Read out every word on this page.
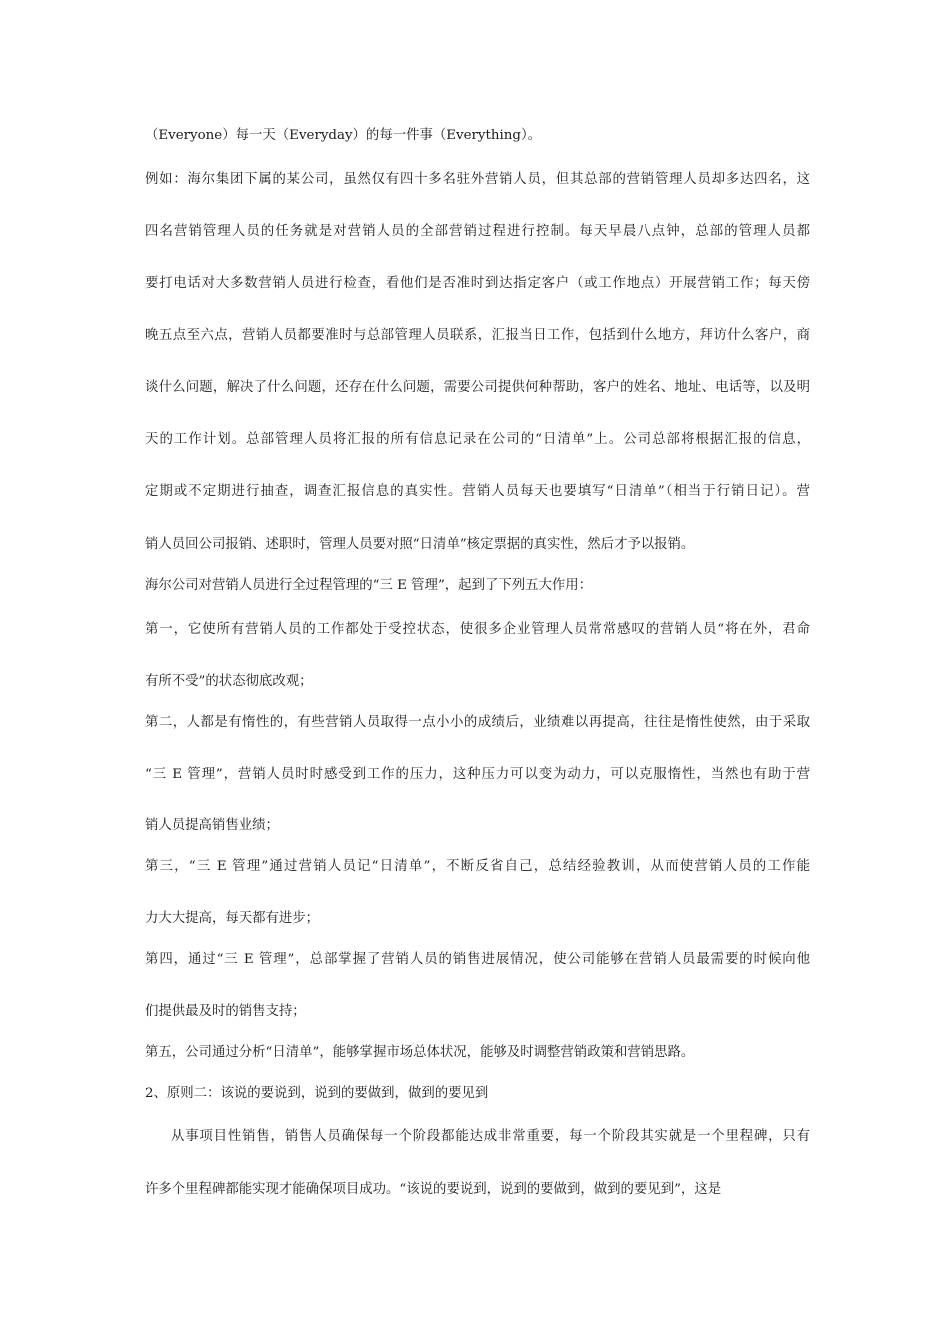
（Everyone）每一天（Everyday）的每一件事（Everything）。
例如：海尔集团下属的某公司，虽然仅有四十多名驻外营销人员，但其总部的营销管理人员却多达四名，这
四名营销管理人员的任务就是对营销人员的全部营销过程进行控制。每天早晨八点钟，总部的管理人员都
要打电话对大多数营销人员进行检查，看他们是否准时到达指定客户（或工作地点）开展营销工作；每天傍
晚五点至六点，营销人员都要准时与总部管理人员联系，汇报当日工作，包括到什么地方，拜访什么客户，商
谈什么问题，解决了什么问题，还存在什么问题，需要公司提供何种帮助，客户的姓名、地址、电话等，以及明
天的工作计划。总部管理人员将汇报的所有信息记录在公司的“日清单”上。公司总部将根据汇报的信息，
定期或不定期进行抽查，调查汇报信息的真实性。营销人员每天也要填写“日清单”（相当于行销日记）。营
销人员回公司报销、述职时，管理人员要对照“日清单”核定票据的真实性，然后才予以报销。
海尔公司对营销人员进行全过程管理的“三 E 管理”，起到了下列五大作用：
第一，它使所有营销人员的工作都处于受控状态，使很多企业管理人员常常感叹的营销人员“将在外，君命
有所不受”的状态彻底改观；
第二，人都是有惰性的，有些营销人员取得一点小小的成绩后，业绩难以再提高，往往是惰性使然，由于采取
“三 E 管理”，营销人员时时感受到工作的压力，这种压力可以变为动力，可以克服惰性，当然也有助于营
销人员提高销售业绩；
第三，“三 E 管理”通过营销人员记“日清单”，不断反省自己，总结经验教训，从而使营销人员的工作能
力大大提高，每天都有进步；
第四，通过“三 E 管理”，总部掌握了营销人员的销售进展情况，使公司能够在营销人员最需要的时候向他
们提供最及时的销售支持；
第五，公司通过分析“日清单”，能够掌握市场总体状况，能够及时调整营销政策和营销思路。
2、原则二：该说的要说到，说到的要做到，做到的要见到
从事项目性销售，销售人员确保每一个阶段都能达成非常重要，每一个阶段其实就是一个里程碑，只有
许多个里程碑都能实现才能确保项目成功。“该说的要说到，说到的要做到，做到的要见到”，这是
